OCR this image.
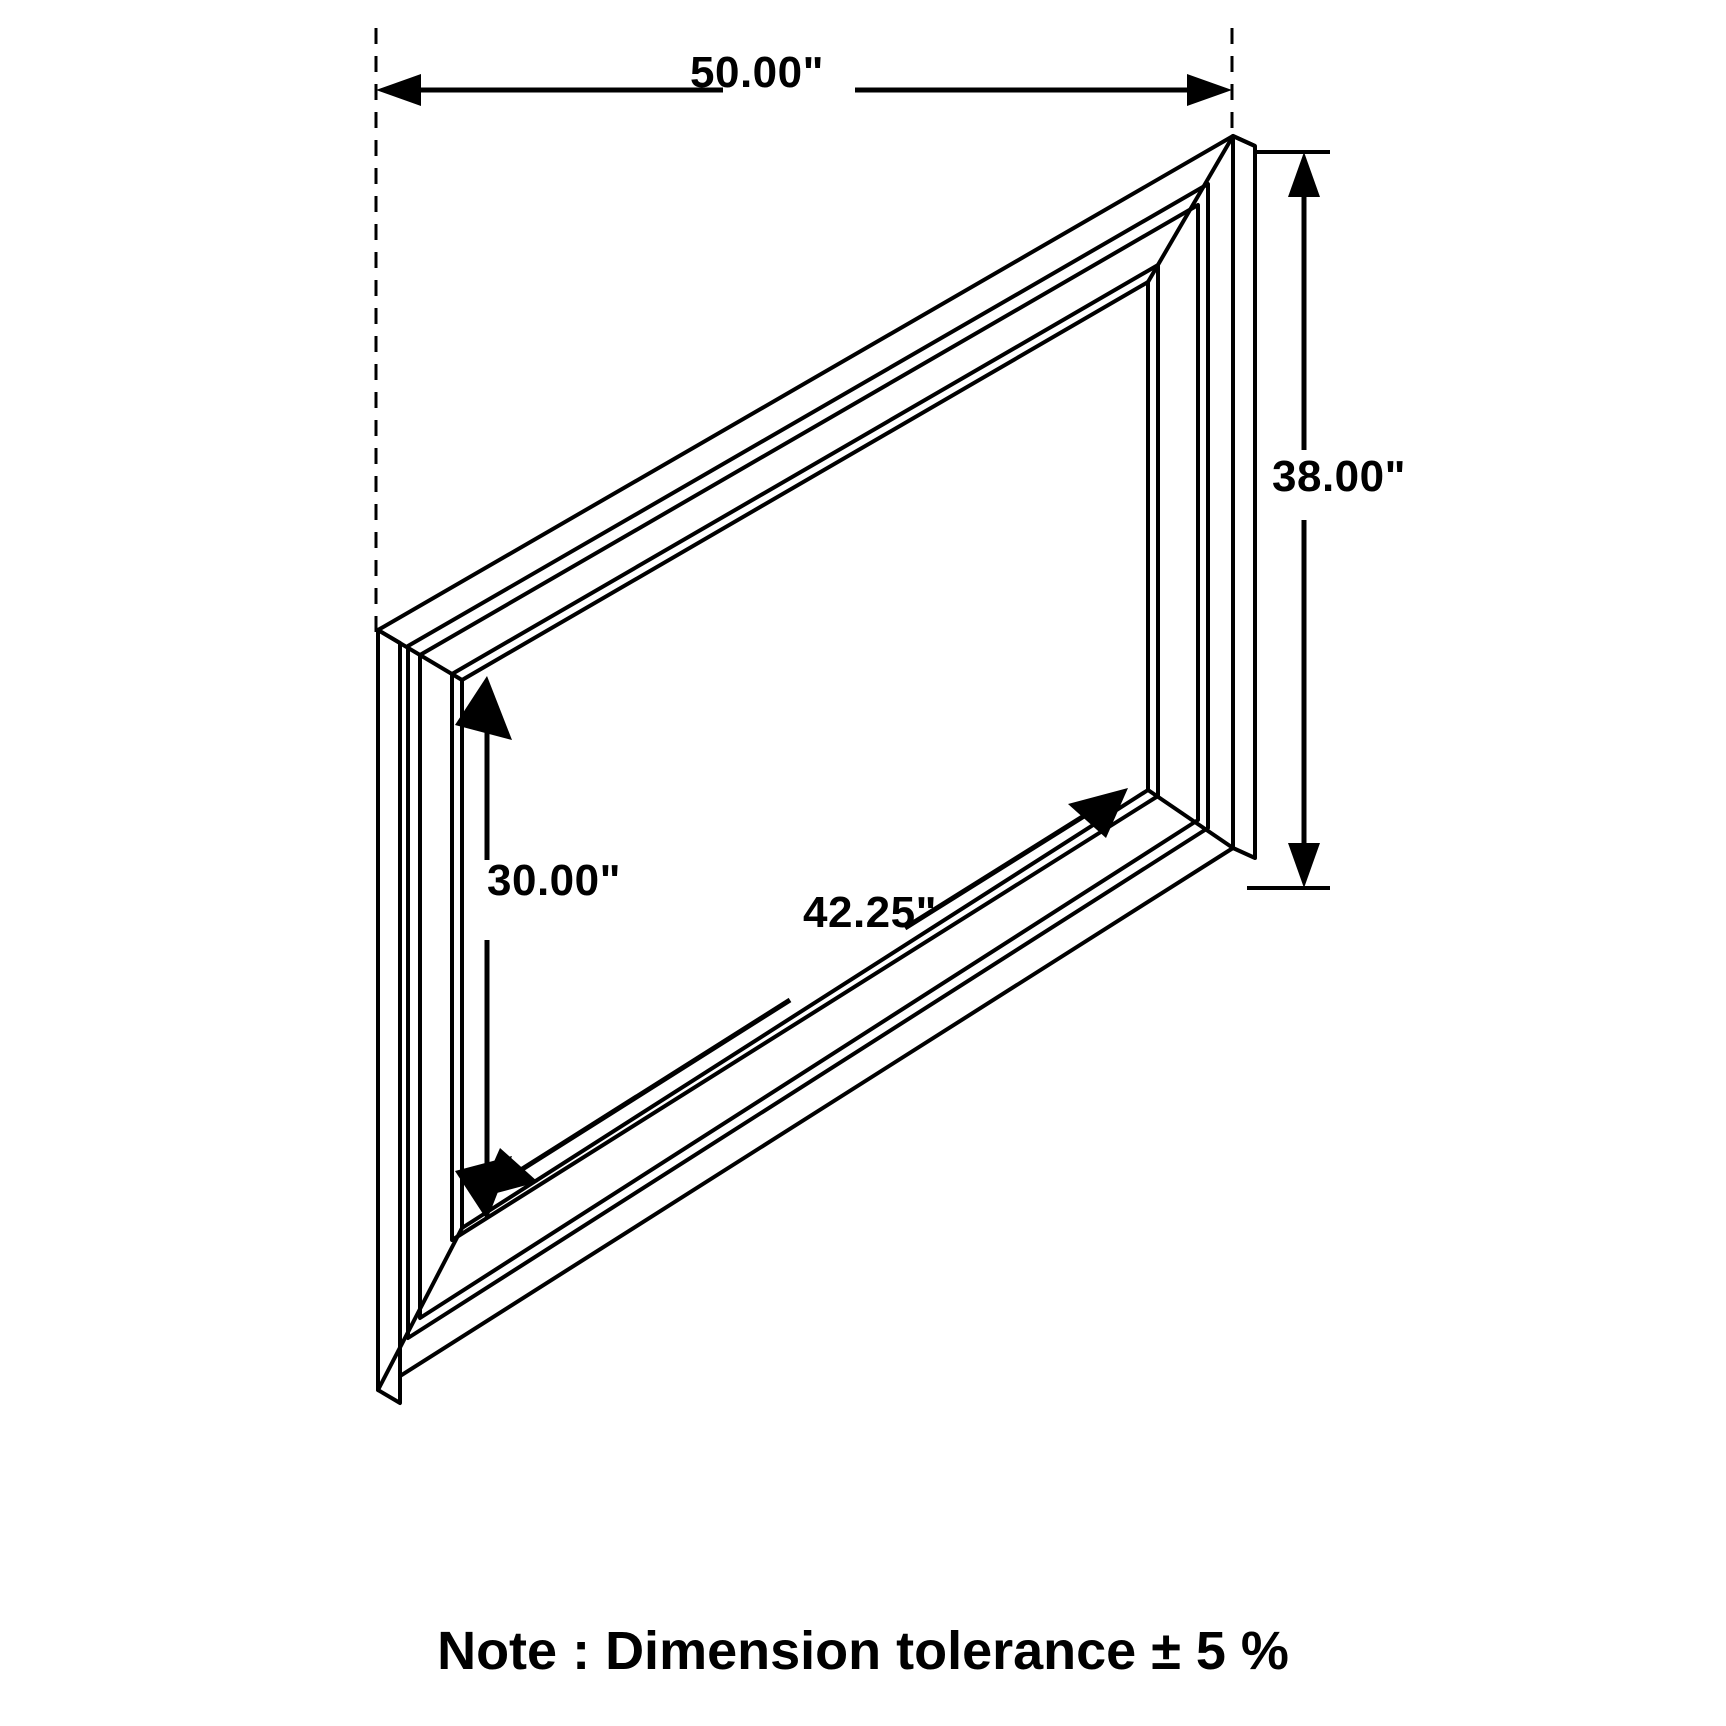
50.00"
38.00"
30.00"
42.25"
Note : Dimension tolerance ± 5 %
